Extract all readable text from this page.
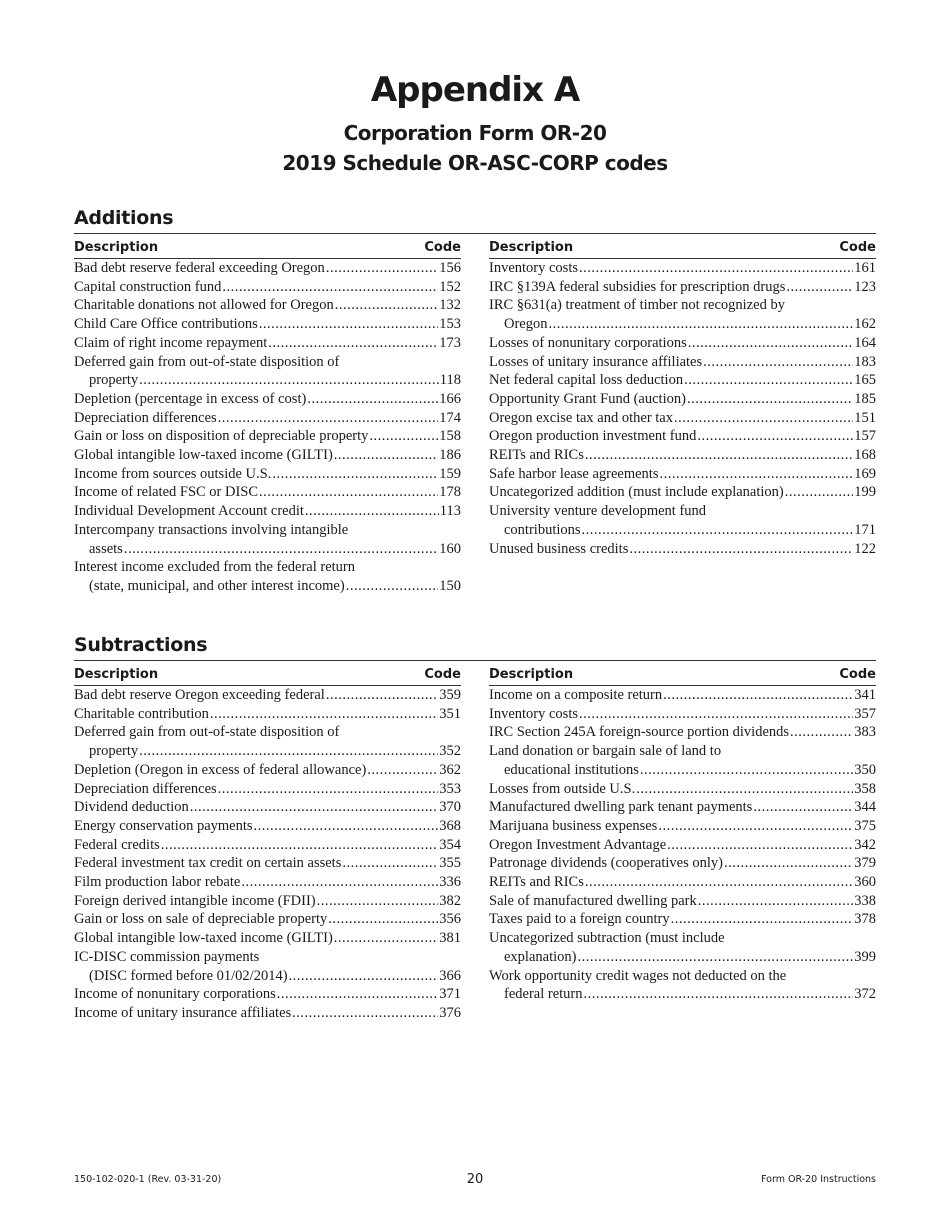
Appendix A
Corporation Form OR-20
2019 Schedule OR-ASC-CORP codes
Additions
Description	Code
Bad debt reserve federal exceeding Oregon .....	156
Capital construction fund .....	152
Charitable donations not allowed for Oregon .....	132
Child Care Office contributions .....	153
Claim of right income repayment .....	173
Deferred gain from out-of-state disposition of
property .....	118
Depletion (percentage in excess of cost) .....	166
Depreciation differences .....	174
Gain or loss on disposition of depreciable property .....	158
Global intangible low-taxed income (GILTI) .....	186
Income from sources outside U.S. .....	159
Income of related FSC or DISC .....	178
Individual Development Account credit .....	113
Intercompany transactions involving intangible
assets .....	160
Interest income excluded from the federal return
(state, municipal, and other interest income) .....	150
Description	Code
Inventory costs .....	161
IRC §139A federal subsidies for prescription drugs .....	123
IRC §631(a) treatment of timber not recognized by
Oregon .....	162
Losses of nonunitary corporations .....	164
Losses of unitary insurance affiliates .....	183
Net federal capital loss deduction .....	165
Opportunity Grant Fund (auction) .....	185
Oregon excise tax and other tax .....	151
Oregon production investment fund .....	157
REITs and RICs .....	168
Safe harbor lease agreements .....	169
Uncategorized addition (must include explanation) .....	199
University venture development fund
contributions .....	171
Unused business credits .....	122
Subtractions
Description	Code
Bad debt reserve Oregon exceeding federal .....	359
Charitable contribution .....	351
Deferred gain from out-of-state disposition of
property .....	352
Depletion (Oregon in excess of federal allowance) .....	362
Depreciation differences .....	353
Dividend deduction .....	370
Energy conservation payments .....	368
Federal credits .....	354
Federal investment tax credit on certain assets .....	355
Film production labor rebate .....	336
Foreign derived intangible income (FDII) .....	382
Gain or loss on sale of depreciable property .....	356
Global intangible low-taxed income (GILTI) .....	381
IC-DISC commission payments
(DISC formed before 01/02/2014) .....	366
Income of nonunitary corporations .....	371
Income of unitary insurance affiliates .....	376
Description	Code
Income on a composite return .....	341
Inventory costs .....	357
IRC Section 245A foreign-source portion dividends .....	383
Land donation or bargain sale of land to
educational institutions .....	350
Losses from outside U.S. .....	358
Manufactured dwelling park tenant payments .....	344
Marijuana business expenses .....	375
Oregon Investment Advantage .....	342
Patronage dividends (cooperatives only) .....	379
REITs and RICs .....	360
Sale of manufactured dwelling park .....	338
Taxes paid to a foreign country .....	378
Uncategorized subtraction (must include
explanation) .....	399
Work opportunity credit wages not deducted on the
federal return .....	372
150-102-020-1 (Rev. 03-31-20)	20	Form OR-20 Instructions
